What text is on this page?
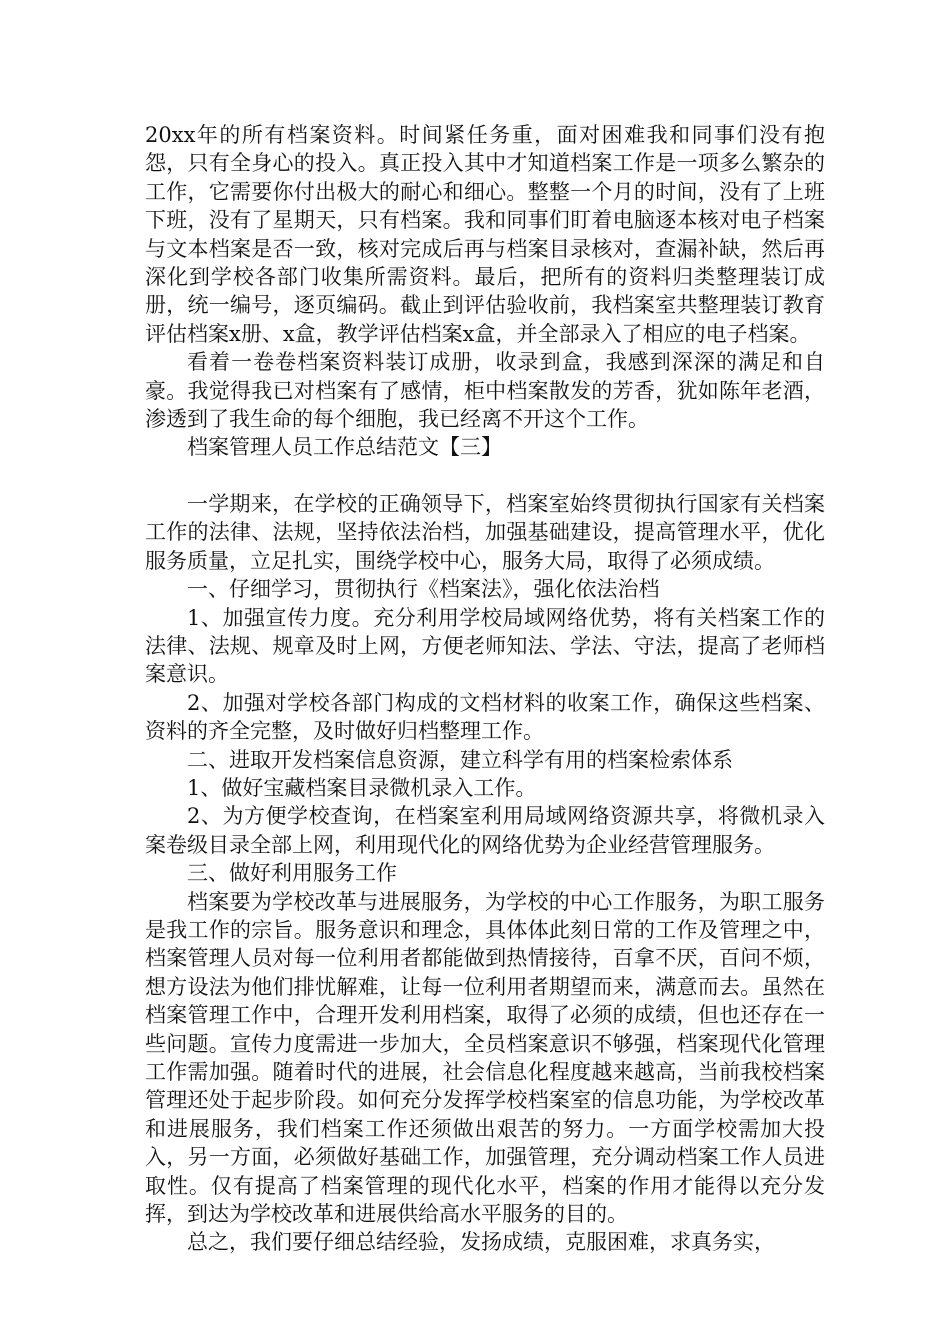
20xx年的所有档案资料。时间紧任务重，面对困难我和同事们没有抱怨，只有全身心的投入。真正投入其中才知道档案工作是一项多么繁杂的工作，它需要你付出极大的耐心和细心。整整一个月的时间，没有了上班下班，没有了星期天，只有档案。我和同事们盯着电脑逐本核对电子档案与文本档案是否一致，核对完成后再与档案目录核对，查漏补缺，然后再深化到学校各部门收集所需资料。最后，把所有的资料归类整理装订成册，统一编号，逐页编码。截止到评估验收前，我档案室共整理装订教育评估档案x册、x盒，教学评估档案x盒，并全部录入了相应的电子档案。

看着一卷卷档案资料装订成册，收录到盒，我感到深深的满足和自豪。我觉得我已对档案有了感情，柜中档案散发的芳香，犹如陈年老酒，渗透到了我生命的每个细胞，我已经离不开这个工作。

档案管理人员工作总结范文【三】

一学期来，在学校的正确领导下，档案室始终贯彻执行国家有关档案工作的法律、法规，坚持依法治档，加强基础建设，提高管理水平，优化服务质量，立足扎实，围绕学校中心，服务大局，取得了必须成绩。

一、仔细学习，贯彻执行《档案法》，强化依法治档

1、加强宣传力度。充分利用学校局域网络优势，将有关档案工作的法律、法规、规章及时上网，方便老师知法、学法、守法，提高了老师档案意识。

2、加强对学校各部门构成的文档材料的收案工作，确保这些档案、资料的齐全完整，及时做好归档整理工作。

二、进取开发档案信息资源，建立科学有用的档案检索体系

1、做好宝藏档案目录微机录入工作。

2、为方便学校查询，在档案室利用局域网络资源共享，将微机录入案卷级目录全部上网，利用现代化的网络优势为企业经营管理服务。

三、做好利用服务工作

档案要为学校改革与进展服务，为学校的中心工作服务，为职工服务是我工作的宗旨。服务意识和理念，具体体此刻日常的工作及管理之中，档案管理人员对每一位利用者都能做到热情接待，百拿不厌，百问不烦，想方设法为他们排忧解难，让每一位利用者期望而来，满意而去。虽然在档案管理工作中，合理开发利用档案，取得了必须的成绩，但也还存在一些问题。宣传力度需进一步加大，全员档案意识不够强，档案现代化管理工作需加强。随着时代的进展，社会信息化程度越来越高，当前我校档案管理还处于起步阶段。如何充分发挥学校档案室的信息功能，为学校改革和进展服务，我们档案工作还须做出艰苦的努力。一方面学校需加大投入，另一方面，必须做好基础工作，加强管理，充分调动档案工作人员进取性。仅有提高了档案管理的现代化水平，档案的作用才能得以充分发挥，到达为学校改革和进展供给高水平服务的目的。

总之，我们要仔细总结经验，发扬成绩，克服困难，求真务实，
